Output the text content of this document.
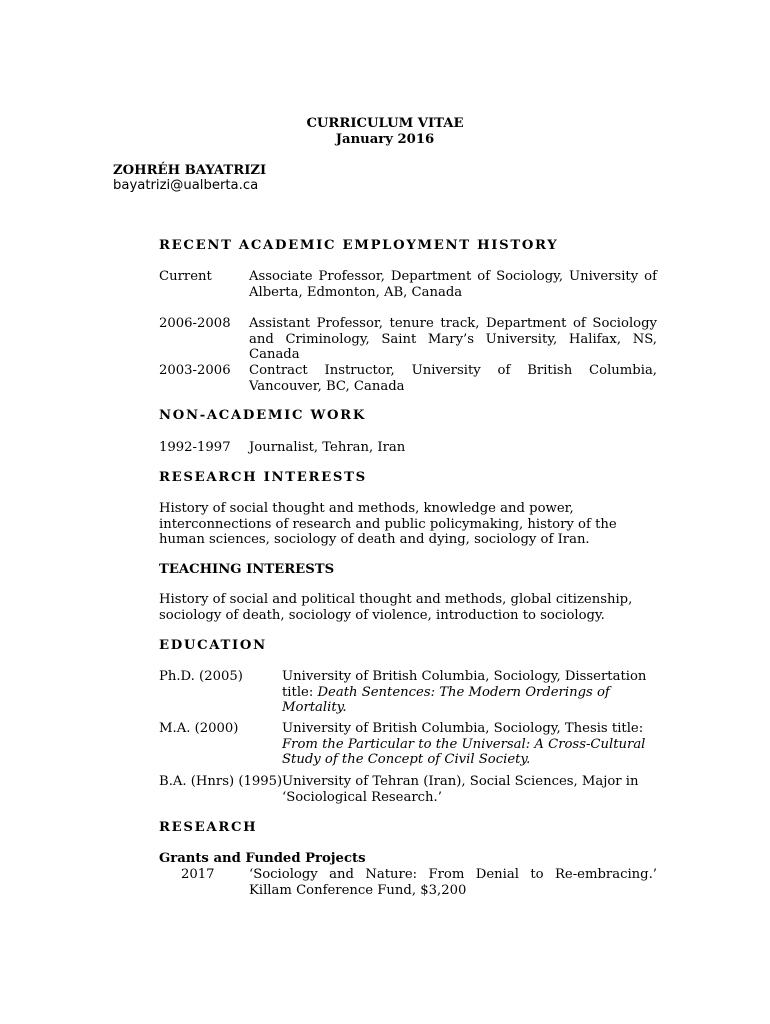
CURRICULUM VITAE
January 2016
ZOHRÉH BAYATRIZI
bayatrizi@ualberta.ca
RECENT ACADEMIC EMPLOYMENT HISTORY
Current	Associate Professor, Department of Sociology, University of Alberta, Edmonton, AB, Canada
2006-2008 Assistant Professor, tenure track, Department of Sociology and Criminology, Saint Mary’s University, Halifax, NS, Canada
2003-2006 Contract Instructor, University of British Columbia, Vancouver, BC, Canada
NON-ACADEMIC WORK
1992-1997 Journalist, Tehran, Iran
RESEARCH INTERESTS
History of social thought and methods, knowledge and power, interconnections of research and public policymaking, history of the human sciences, sociology of death and dying, sociology of Iran.
TEACHING INTERESTS
History of social and political thought and methods, global citizenship, sociology of death, sociology of violence, introduction to sociology.
EDUCATION
Ph.D. (2005)	University of British Columbia, Sociology, Dissertation title: Death Sentences: The Modern Orderings of Mortality.
M.A. (2000)	University of British Columbia, Sociology, Thesis title: From the Particular to the Universal: A Cross-Cultural Study of the Concept of Civil Society.
B.A. (Hnrs) (1995) University of Tehran (Iran), Social Sciences, Major in ‘Sociological Research.’
RESEARCH
Grants and Funded Projects
2017	‘Sociology and Nature: From Denial to Re-embracing.’ Killam Conference Fund, $3,200
